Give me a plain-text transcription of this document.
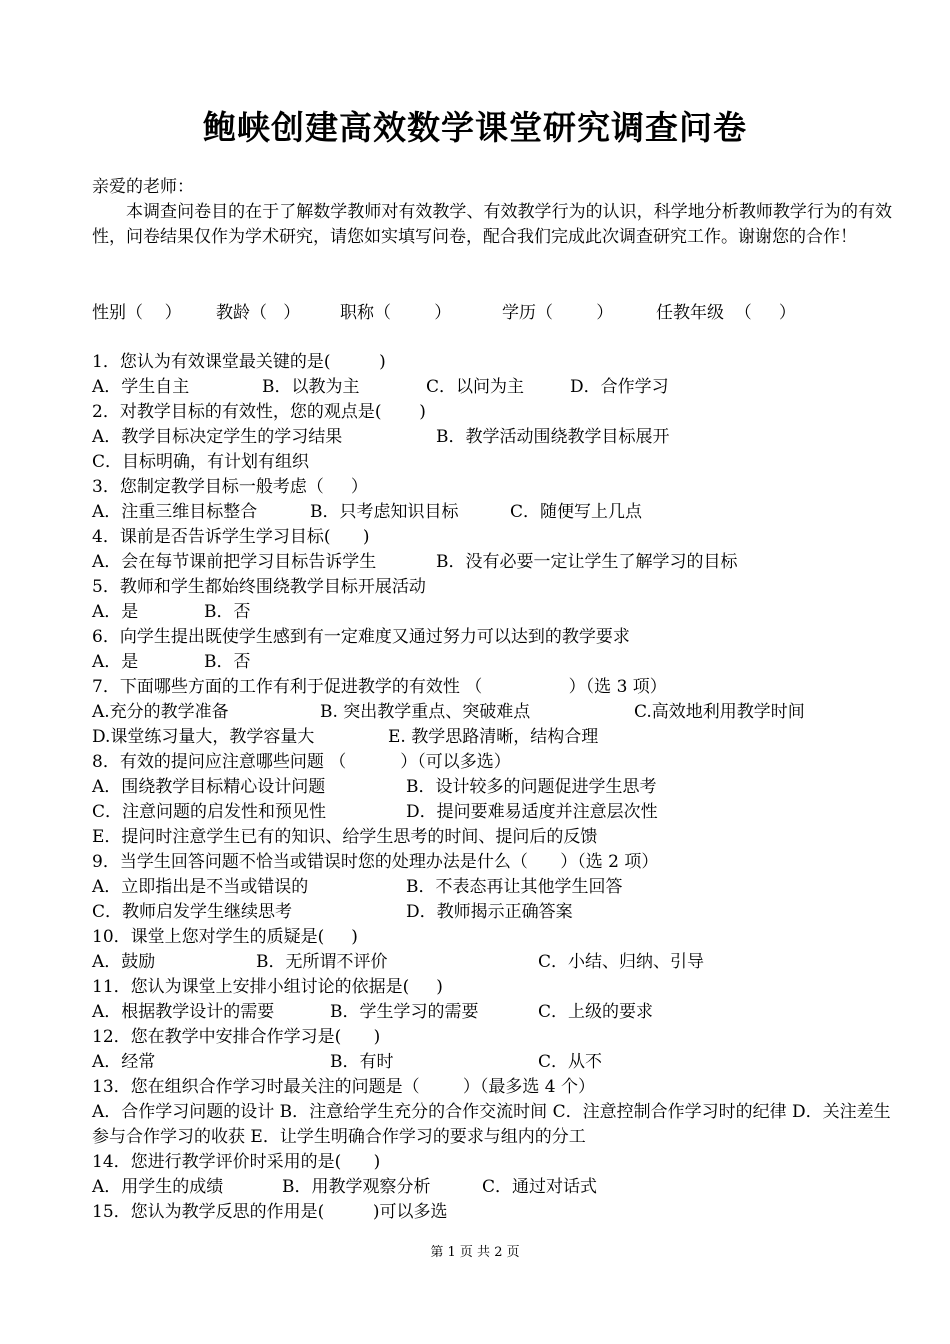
鲍峡创建高效数学课堂研究调查问卷
亲爱的老师：
本调查问卷目的在于了解数学教师对有效教学、有效教学行为的认识，科学地分析教师教学行为的有效性，问卷结果仅作为学术研究，请您如实填写问卷，配合我们完成此次调查研究工作。谢谢您的合作！
性别（    ） 教龄（   ） 职称（        ）	学历（        ）	任教年级  （     ）
1．您认为有效课堂最关键的是(         )
A．学生自主	B．以教为主	C．以问为主	D．合作学习
2．对教学目标的有效性，您的观点是(       )
A．教学目标决定学生的学习结果	B．教学活动围绕教学目标展开
C．目标明确，有计划有组织
3．您制定教学目标一般考虑（     ）
A．注重三维目标整合	B．只考虑知识目标	C．随便写上几点
4．课前是否告诉学生学习目标(      )
A．会在每节课前把学习目标告诉学生	B．没有必要一定让学生了解学习的目标
5．教师和学生都始终围绕教学目标开展活动
A．是	B．否
6．向学生提出既使学生感到有一定难度又通过努力可以达到的教学要求
A．是	B．否
7．下面哪些方面的工作有利于促进教学的有效性 （                ）（选 3 项）
A.充分的教学准备	B. 突出教学重点、突破难点	C.高效地利用教学时间
D.课堂练习量大，教学容量大	E. 教学思路清晰，结构合理
8．有效的提问应注意哪些问题 （          ）（可以多选）
A．围绕教学目标精心设计问题	B．设计较多的问题促进学生思考
C．注意问题的启发性和预见性	D．提问要难易适度并注意层次性
E．提问时注意学生已有的知识、给学生思考的时间、提问后的反馈
9．当学生回答问题不恰当或错误时您的处理办法是什么（      ）（选 2 项）
A．立即指出是不当或错误的	B．不表态再让其他学生回答
C．教师启发学生继续思考	D．教师揭示正确答案
10．课堂上您对学生的质疑是(     )
A．鼓励	B．无所谓不评价	C．小结、归纳、引导
11．您认为课堂上安排小组讨论的依据是(     )
A．根据教学设计的需要	B．学生学习的需要	C．上级的要求
12．您在教学中安排合作学习是(      )
A．经常	B．有时	C．从不
13．您在组织合作学习时最关注的问题是（        ）（最多选 4 个）
A．合作学习问题的设计 B．注意给学生充分的合作交流时间 C．注意控制合作学习时的纪律 D．关注差生参与合作学习的收获 E．让学生明确合作学习的要求与组内的分工
14．您进行教学评价时采用的是(      )
A．用学生的成绩	B．用教学观察分析	C．通过对话式
15．您认为教学反思的作用是(         )可以多选
第 1 页 共 2 页
